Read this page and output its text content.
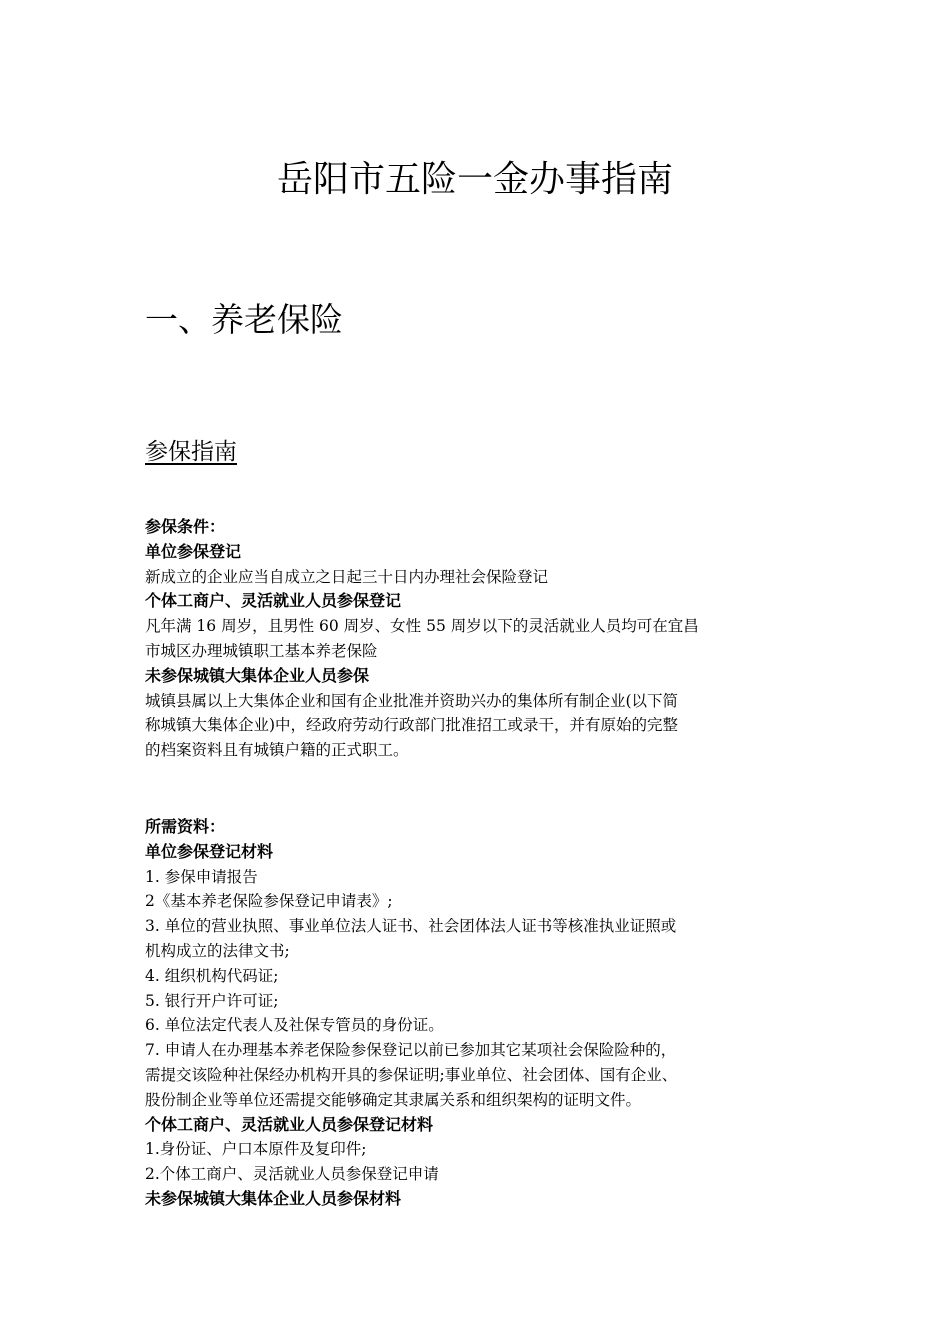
岳阳市五险一金办事指南
一、养老保险
参保指南
参保条件：
单位参保登记
新成立的企业应当自成立之日起三十日内办理社会保险登记
个体工商户、灵活就业人员参保登记
凡年满 16 周岁，且男性 60 周岁、女性 55 周岁以下的灵活就业人员均可在宜昌
市城区办理城镇职工基本养老保险
未参保城镇大集体企业人员参保
城镇县属以上大集体企业和国有企业批准并资助兴办的集体所有制企业(以下简
称城镇大集体企业)中，经政府劳动行政部门批准招工或录干，并有原始的完整
的档案资料且有城镇户籍的正式职工。
所需资料：
单位参保登记材料
1. 参保申请报告
2《基本养老保险参保登记申请表》;
3. 单位的营业执照、事业单位法人证书、社会团体法人证书等核准执业证照或
机构成立的法律文书;
4. 组织机构代码证;
5. 银行开户许可证;
6. 单位法定代表人及社保专管员的身份证。
7. 申请人在办理基本养老保险参保登记以前已参加其它某项社会保险险种的，
需提交该险种社保经办机构开具的参保证明;事业单位、社会团体、国有企业、
股份制企业等单位还需提交能够确定其隶属关系和组织架构的证明文件。
个体工商户、灵活就业人员参保登记材料
1.身份证、户口本原件及复印件;
2.个体工商户、灵活就业人员参保登记申请
未参保城镇大集体企业人员参保材料
